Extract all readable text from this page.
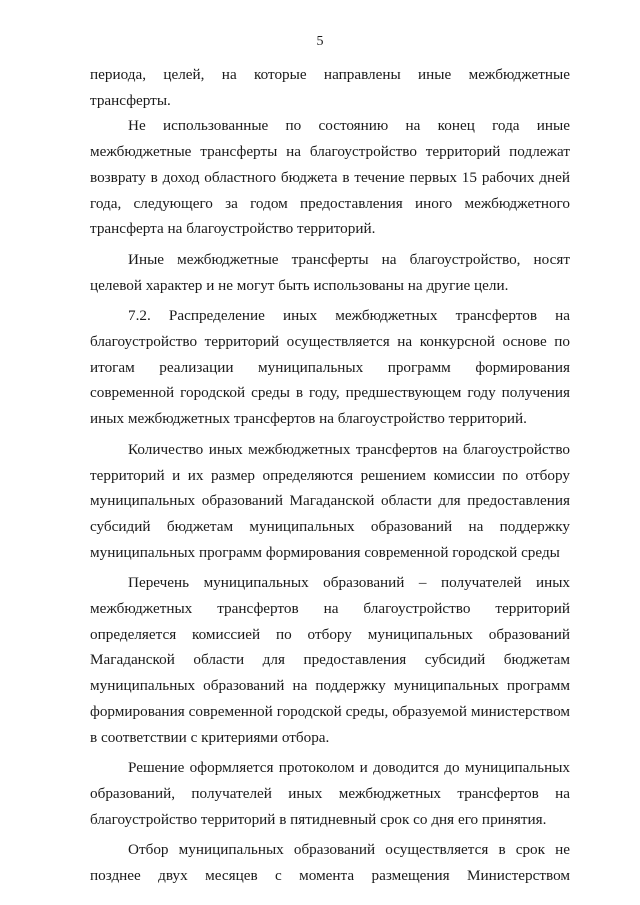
5

периода, целей, на которые направлены иные межбюджетные трансферты.

Не использованные по состоянию на конец года иные межбюджетные трансферты на благоустройство территорий подлежат возврату в доход областного бюджета в течение первых 15 рабочих дней года, следующего за годом предоставления иного межбюджетного трансферта на благоустройство территорий.

Иные межбюджетные трансферты на благоустройство, носят целевой характер и не могут быть использованы на другие цели.

7.2. Распределение иных межбюджетных трансфертов на благоустройство территорий осуществляется на конкурсной основе по итогам реализации муниципальных программ формирования современной городской среды в году, предшествующем году получения иных межбюджетных трансфертов на благоустройство территорий.

Количество иных межбюджетных трансфертов на благоустройство территорий и их размер определяются решением комиссии по отбору муниципальных образований Магаданской области для предоставления субсидий бюджетам муниципальных образований на поддержку муниципальных программ формирования современной городской среды

Перечень муниципальных образований – получателей иных межбюджетных трансфертов на благоустройство территорий определяется комиссией по отбору муниципальных образований Магаданской области для предоставления субсидий бюджетам муниципальных образований на поддержку муниципальных программ формирования современной городской среды, образуемой министерством в соответствии с критериями отбора.

Решение оформляется протоколом и доводится до муниципальных образований, получателей иных межбюджетных трансфертов на благоустройство территорий в пятидневный срок со дня его принятия.

Отбор муниципальных образований осуществляется в срок не позднее двух месяцев с момента размещения Министерством
